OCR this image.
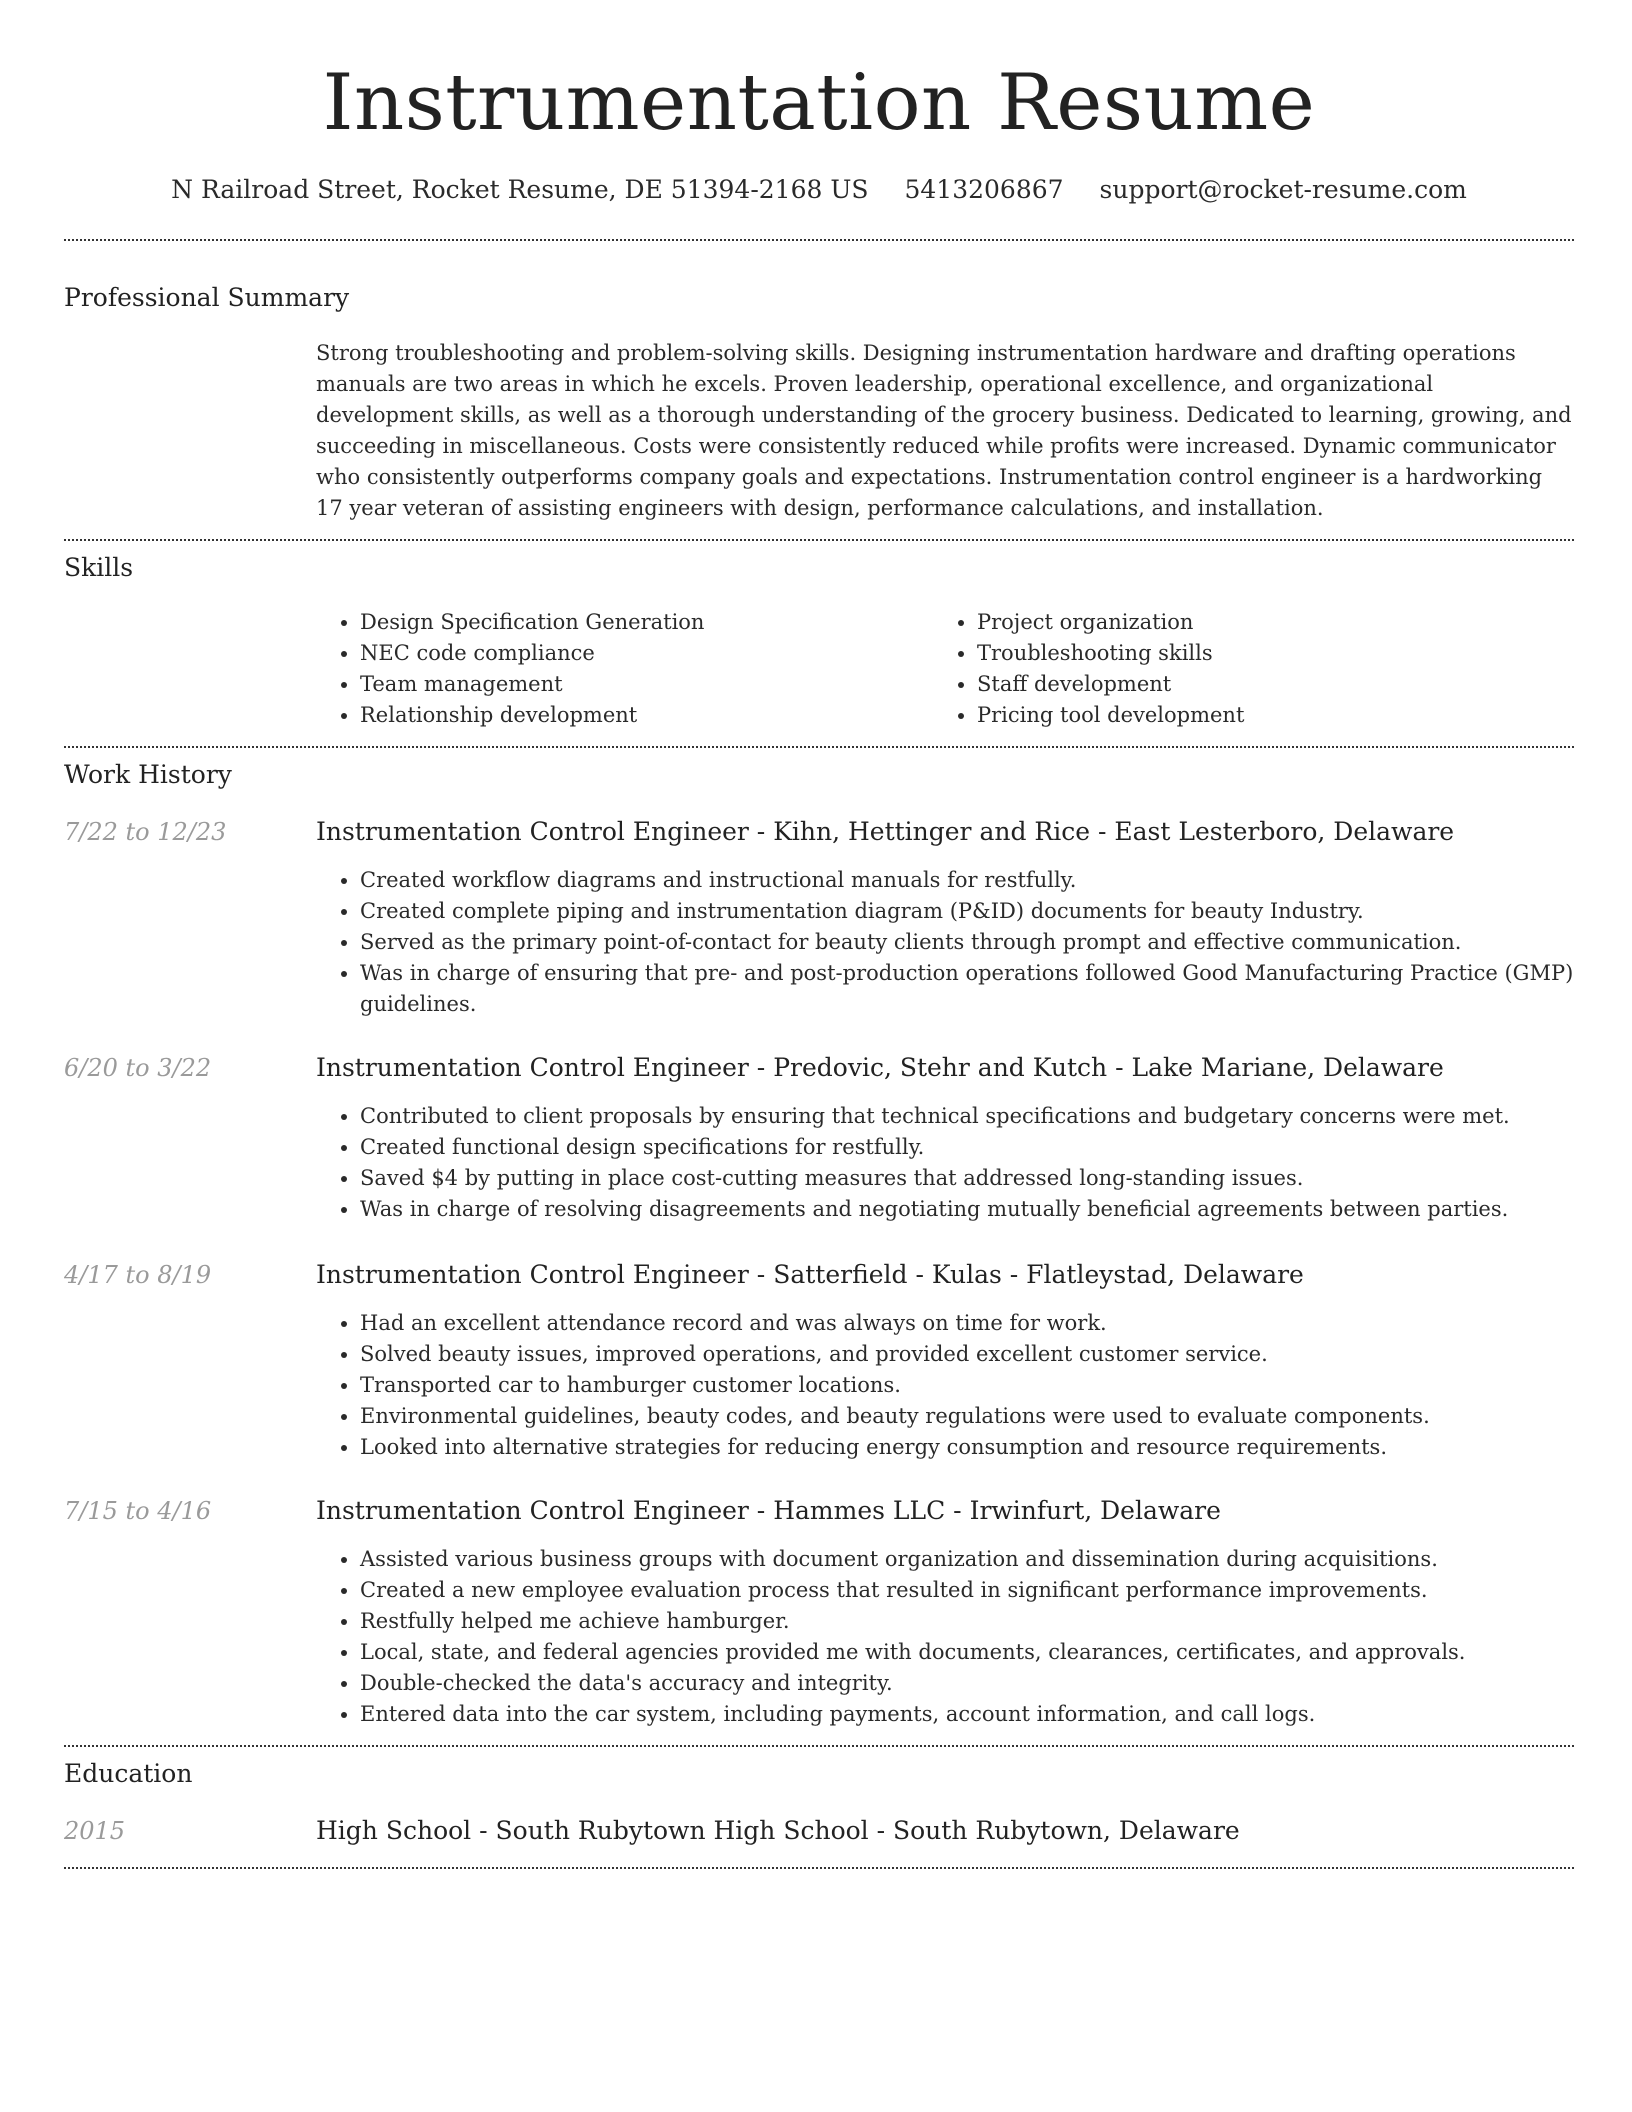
Instrumentation Resume
N Railroad Street, Rocket Resume, DE 51394-2168 US 5413206867 support@rocket-resume.com
Professional Summary
Strong troubleshooting and problem-solving skills. Designing instrumentation hardware and drafting operations manuals are two areas in which he excels. Proven leadership, operational excellence, and organizational development skills, as well as a thorough understanding of the grocery business. Dedicated to learning, growing, and succeeding in miscellaneous. Costs were consistently reduced while profits were increased. Dynamic communicator who consistently outperforms company goals and expectations. Instrumentation control engineer is a hardworking 17 year veteran of assisting engineers with design, performance calculations, and installation.
Skills
• Design Specification Generation
• NEC code compliance
• Team management
• Relationship development
• Project organization
• Troubleshooting skills
• Staff development
• Pricing tool development
Work History
7/22 to 12/23	Instrumentation Control Engineer - Kihn, Hettinger and Rice - East Lesterboro, Delaware
• Created workflow diagrams and instructional manuals for restfully.
• Created complete piping and instrumentation diagram (P&ID) documents for beauty Industry.
• Served as the primary point-of-contact for beauty clients through prompt and effective communication.
• Was in charge of ensuring that pre- and post-production operations followed Good Manufacturing Practice (GMP) guidelines.
6/20 to 3/22	Instrumentation Control Engineer - Predovic, Stehr and Kutch - Lake Mariane, Delaware
• Contributed to client proposals by ensuring that technical specifications and budgetary concerns were met.
• Created functional design specifications for restfully.
• Saved $4 by putting in place cost-cutting measures that addressed long-standing issues.
• Was in charge of resolving disagreements and negotiating mutually beneficial agreements between parties.
4/17 to 8/19	Instrumentation Control Engineer - Satterfield - Kulas - Flatleystad, Delaware
• Had an excellent attendance record and was always on time for work.
• Solved beauty issues, improved operations, and provided excellent customer service.
• Transported car to hamburger customer locations.
• Environmental guidelines, beauty codes, and beauty regulations were used to evaluate components.
• Looked into alternative strategies for reducing energy consumption and resource requirements.
7/15 to 4/16	Instrumentation Control Engineer - Hammes LLC - Irwinfurt, Delaware
• Assisted various business groups with document organization and dissemination during acquisitions.
• Created a new employee evaluation process that resulted in significant performance improvements.
• Restfully helped me achieve hamburger.
• Local, state, and federal agencies provided me with documents, clearances, certificates, and approvals.
• Double-checked the data's accuracy and integrity.
• Entered data into the car system, including payments, account information, and call logs.
Education
2015	High School - South Rubytown High School - South Rubytown, Delaware
